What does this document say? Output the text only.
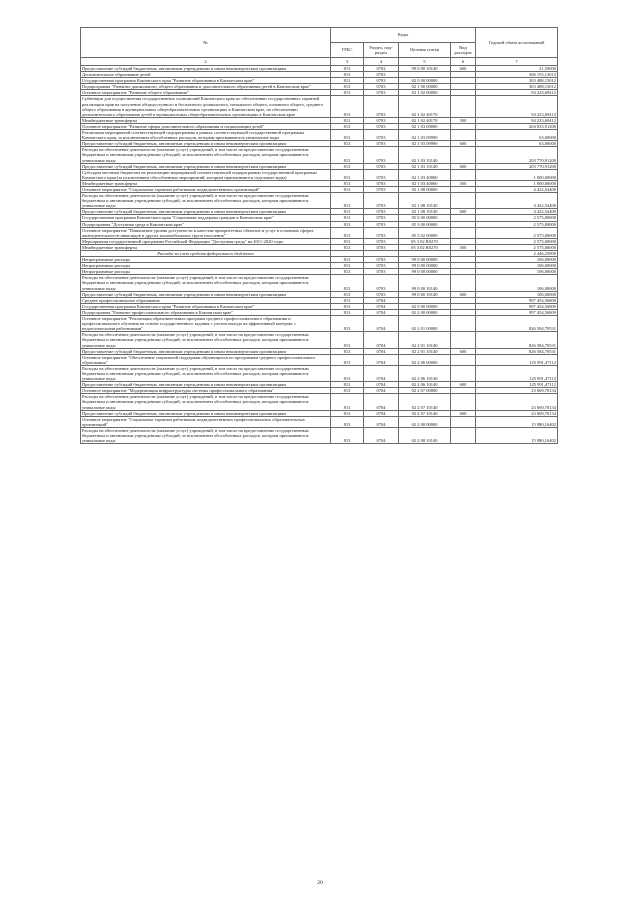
№	Коды				Годовой объем ассигнований
	ГРБС	Раздел, под-раздел	Целевая статья	Вид расходов	
2	3	4	5	6	7
Предоставление субсидий бюджетным, автономным учреждениям и иным некоммерческим организациям	813	0702	99 0 00 10140	600	21,50000
Дополнительное образование детей	813	0703			306 155,13012
Государственная программа Камчатского края "Развитие образования в Камчатском крае"	813	0703	02 0 00 00000		303 488,15012
Подпрограмма "Развитие дошкольного, общего образования и дополнительного образования детей в Камчатском крае"	813	0703	02 1 00 00000		303 488,15012
Основное мероприятие "Развитие общего образования"	813	0703	02 1 02 00000		94 223,69412
Субвенции для осуществления государственных полномочий Камчатского края по обеспечению государственных гарантий реализации прав на получение общедоступного и бесплатного дошкольного, начального общего, основного общего, среднего общего образования в муниципальных общеобразовательных организациях в Камчатском крае, по обеспечению дополнительного образования детей в муниципальных общеобразовательных организациях в Камчатском крае	813	0703	02 1 02 40170		94 223,69412
Межбюджетные трансферты	813	0703	02 1 02 40170	500	94 223,69412
Основное мероприятие "Развитие сферы дополнительного образования и социализации детей"	813	0703	02 1 03 00000		204 833,91200
Реализация мероприятий соответствующей подпрограммы в рамках соответствующей государственной программы Камчатского края, за исключением обособленных расходов, которым присваиваются уникальные коды	813	0703	02 1 03 09990		63,00000
Предоставление субсидий бюджетным, автономным учреждениям и иным некоммерческим организациям	813	0703	02 1 03 09990	600	63,00000
Расходы на обеспечение деятельности (оказание услуг) учреждений, в том числе на предоставление государственным бюджетным и автономным учреждениям субсидий, за исключением обособленных расходов, которым присваиваются уникальные коды	813	0703	02 1 03 10140		203 770,91200
Предоставление субсидий бюджетным, автономным учреждениям и иным некоммерческим организациям	813	0703	02 1 03 10140	600	203 770,91200
Субсидии местным бюджетам на реализацию мероприятий соответствующей подпрограммы государственной программы Камчатского края (за исключением обособленных мероприятий, которым присваиваются отдельные коды)	813	0703	02 1 03 40060		1 000,00000
Межбюджетные трансферты	813	0703	02 1 03 40060	500	1 000,00000
Основное мероприятие "Социальные гарантии работникам подведомственных организаций"	813	0703	02 1 08 00000		4 422,54400
Расходы на обеспечение деятельности (оказание услуг) учреждений, в том числе на предоставление государственным бюджетным и автономным учреждениям субсидий, за исключением обособленных расходов, которым присваиваются уникальные коды	813	0703	02 1 08 10140		4 422,54400
Предоставление субсидий бюджетным, автономным учреждениям и иным некоммерческим организациям	813	0703	02 1 08 10140	600	4 422,54400
Государственная программа Камчатского края "Социальная поддержка граждан в Камчатском крае"	813	0703	05 0 00 00000		2 575,00000
Подпрограмма "Доступная среда в Камчатском крае"	813	0703	05 3 00 00000		2 575,00000
Основное мероприятие "Повышение уровня доступности и качества приоритетных объектов и услуг в основных сферах жизнедеятельности инвалидов и других маломобильных групп населения"	813	0703	05 3 02 00000		2 575,00000
Мероприятия государственной программы Российской Федерации "Доступная среда" на 2011-2020 годы	813	0703	05 3 02 R0270		2 575,00000
Межбюджетные трансферты	813	0703	05 3 02 R0270	500	2 575,00000
Расходы за счет средств федерального бюджета					2 446,25000
Непрограммные расходы	813	0703	99 0 00 00000		106,00000
Непрограммные расходы	813	0703	99 0 00 00000		106,00000
Непрограммные расходы	813	0703	99 0 00 00000		106,00000
Расходы на обеспечение деятельности (оказание услуг) учреждений, в том числе на предоставление государственным бюджетным и автономным учреждениям субсидий, за исключением обособленных расходов, которым присваиваются уникальные коды	813	0703	99 0 00 10140		106,00000
Предоставление субсидий бюджетным, автономным учреждениям и иным некоммерческим организациям	813	0703	99 0 00 10140	600	106,00000
Среднее профессиональное образование	813	0704			997 454,56809
Государственная программа Камчатского края "Развитие образования в Камчатском крае"	813	0704	02 0 00 00000		997 454,56809
Подпрограмма "Развитие профессионального образования в Камчатском крае"	813	0704	02 2 00 00000		997 454,56809
Основное мероприятие "Реализация образовательных программ среднего профессионального образования и профессионального обучения на основе государственного задания с учетом выхода на эффективный контракт с педагогическими работниками"	813	0704	02 2 01 00000		826 584,70531
Расходы на обеспечение деятельности (оказание услуг) учреждений, в том числе на предоставление государственным бюджетным и автономным учреждениям субсидий, за исключением обособленных расходов, которым присваиваются уникальные коды	813	0704	02 2 01 10140		826 584,70531
Предоставление субсидий бюджетным, автономным учреждениям и иным некоммерческим организациям	813	0704	02 2 01 10140	600	826 584,70531
Основное мероприятие "Обеспечение социальной поддержки обучающихся по программам среднего профессионального образования"	813	0704	02 2 06 00000		125 991,47112
Расходы на обеспечение деятельности (оказание услуг) учреждений, в том числе на предоставление государственным бюджетным и автономным учреждениям субсидий, за исключением обособленных расходов, которым присваиваются уникальные коды	813	0704	02 2 06 10140		125 991,47112
Предоставление субсидий бюджетным, автономным учреждениям и иным некоммерческим организациям	813	0704	02 2 06 10140	600	125 991,47112
Основное мероприятие "Модернизация инфраструктуры системы профессионального образования"	813	0704	02 2 07 00000		23 669,70134
Расходы на обеспечение деятельности (оказание услуг) учреждений, в том числе на предоставление государственным бюджетным и автономным учреждениям субсидий, за исключением обособленных расходов, которым присваиваются уникальные коды	813	0704	02 2 07 10140		23 669,70134
Предоставление субсидий бюджетным, автономным учреждениям и иным некоммерческим организациям	813	0704	02 2 07 10140	600	23 669,70134
Основное мероприятие "Социальные гарантии работникам подведомственных профессиональных образовательных организаций"	813	0704	02 2 08 00000		15 980,16402
Расходы на обеспечение деятельности (оказание услуг) учреждений, в том числе на предоставление государственным бюджетным и автономным учреждениям субсидий, за исключением обособленных расходов, которым присваиваются уникальные коды	813	0704	02 2 08 10140		15 980,16402
20
